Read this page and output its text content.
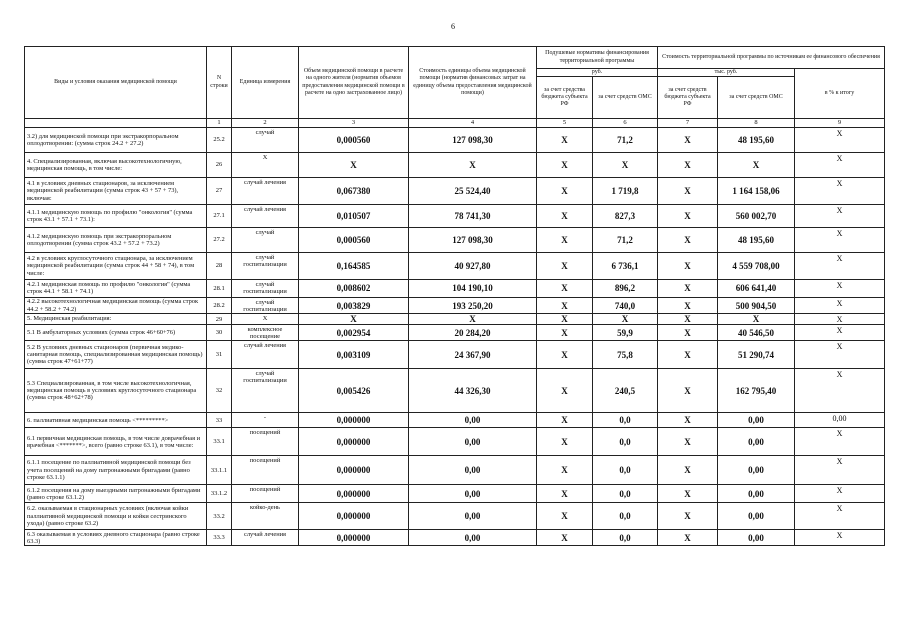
6
Виды и условия оказания медицинской помощи	N строки	Единица измерения	Объем медицинской помощи в расчете на одного жителя (норматив объемов предоставления медицинской помощи в расчете на одно застрахованное лицо)	Стоимость единицы объема медицинской помощи (норматив финансовых затрат на единицу объема предоставления медицинской помощи)	Подушевые нормативы финансирования территориальной программы		Стоимость территориальной программы по источникам ее финансового обеспечения		
					руб.		тыс. руб.		в % к итогу
					за счет средства бюджета субъекта РФ	за счет средств ОМС	за счет средств бюджета субъекта РФ	за счет средств ОМС	
	1	2	3	4	5	6	7	8	9
3.2) для медицинской помощи при экстракорпоральном оплодотворении: (сумма строк 24.2 + 27.2)	25.2	случай	0,000560	127 098,30	X	71,2	X	48 195,60	X
4. Специализированная, включая высокотехнологичную, медицинская помощь, в том числе:	26	X	X	X	X	X	X	X	X
4.1 в условиях дневных стационаров, за исключением медицинской реабилитации (сумма строк 43 + 57 + 73), включая:	27	случай лечения	0,067380	25 524,40	X	1 719,8	X	1 164 158,06	X
4.1.1 медицинскую помощь по профилю "онкология" (сумма строк 43.1 + 57.1 + 73.1):	27.1	случай лечения	0,010507	78 741,30	X	827,3	X	560 002,70	X
4.1.2 медицинскую помощь при экстракорпоральном оплодотворении (сумма строк 43.2 + 57.2 + 73.2)	27.2	случай	0,000560	127 098,30	X	71,2	X	48 195,60	X
4.2 в условиях круглосуточного стационара, за исключением медицинской реабилитации (сумма строк 44 + 58 + 74), в том числе:	28	случай госпитализации	0,164585	40 927,80	X	6 736,1	X	4 559 708,00	X
4.2.1 медицинская помощь по профилю "онкология" (сумма строк 44.1 + 58.1 + 74.1)	28.1	случай госпитализации	0,008602	104 190,10	X	896,2	X	606 641,40	X
4.2.2 высокотехнологичная медицинская помощь (сумма строк 44.2 + 58.2 + 74.2)	28.2	случай госпитализации	0,003829	193 250,20	X	740,0	X	500 904,50	X
5. Медицинская реабилитация:	29	X	X	X	X	X	X	X	X
5.1 В амбулаторных условиях (сумма строк 46+60+76)	30	комплексное посещение	0,002954	20 284,20	X	59,9	X	40 546,50	X
5.2 В условиях дневных стационаров (первичная медико-санитарная помощь, специализированная медицинская помощь) (сумма строк 47+61+77)	31	случай лечения	0,003109	24 367,90	X	75,8	X	51 290,74	X
5.3 Специализированная, в том числе высокотехнологичная, медицинская помощь в условиях круглосуточного стационара (сумма строк 48+62+78)	32	случай госпитализации	0,005426	44 326,30	X	240,5	X	162 795,40	X
6. паллиативная медицинская помощь <*********>	33	-	0,000000	0,00	X	0,0	X	0,00	0,00
6.1 первичная медицинская помощь, в том числе доврачебная и врачебная <*******>, всего (равно строке 63.1), в том числе:	33.1	посещений	0,000000	0,00	X	0,0	X	0,00	X
6.1.1 посещение по паллиативной медицинской помощи без учета посещений на дому патронажными бригадами (равно строке 63.1.1)	33.1.1	посещений	0,000000	0,00	X	0,0	X	0,00	X
6.1.2 посещения на дому выездными патронажными бригадами (равно строке 63.1.2)	33.1.2	посещений	0,000000	0,00	X	0,0	X	0,00	X
6.2. оказываемая в стационарных условиях (включая койки паллиативной медицинской помощи и койки сестринского ухода) (равно строке 63.2)	33.2	койко-день	0,000000	0,00	X	0,0	X	0,00	X
6.3 оказываемая в условиях дневного стационара (равно строке 63.3)	33.3	случай лечения	0,000000	0,00	X	0,0	X	0,00	X
